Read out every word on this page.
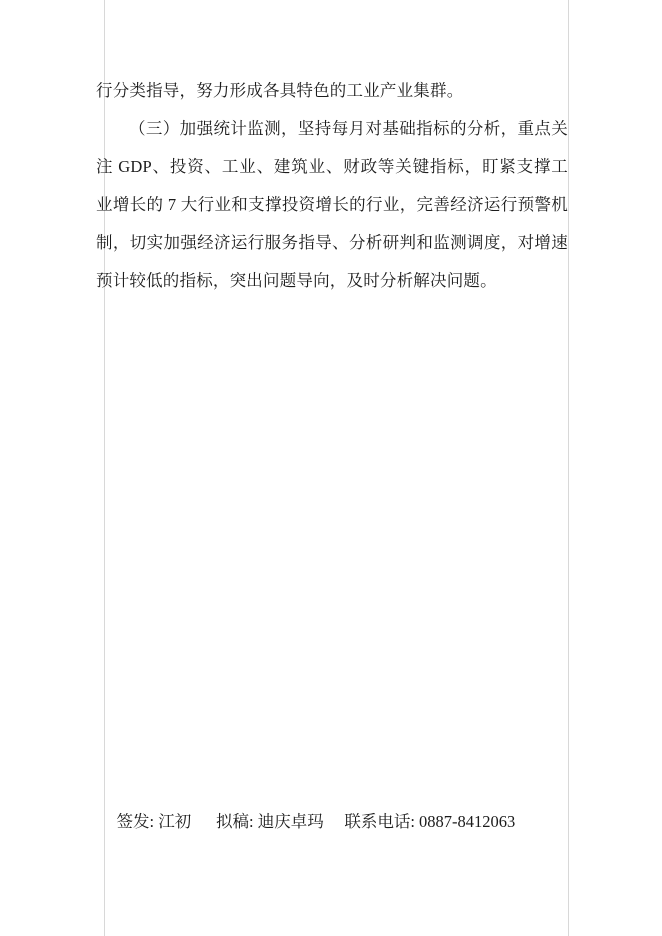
行分类指导，努力形成各具特色的工业产业集群。

（三）加强统计监测，坚持每月对基础指标的分析，重点关注 GDP、投资、工业、建筑业、财政等关键指标，盯紧支撑工业增长的 7 大行业和支撑投资增长的行业，完善经济运行预警机制，切实加强经济运行服务指导、分析研判和监测调度，对增速预计较低的指标，突出问题导向，及时分析解决问题。

签发: 江初 拟稿: 迪庆卓玛 联系电话: 0887-8412063
